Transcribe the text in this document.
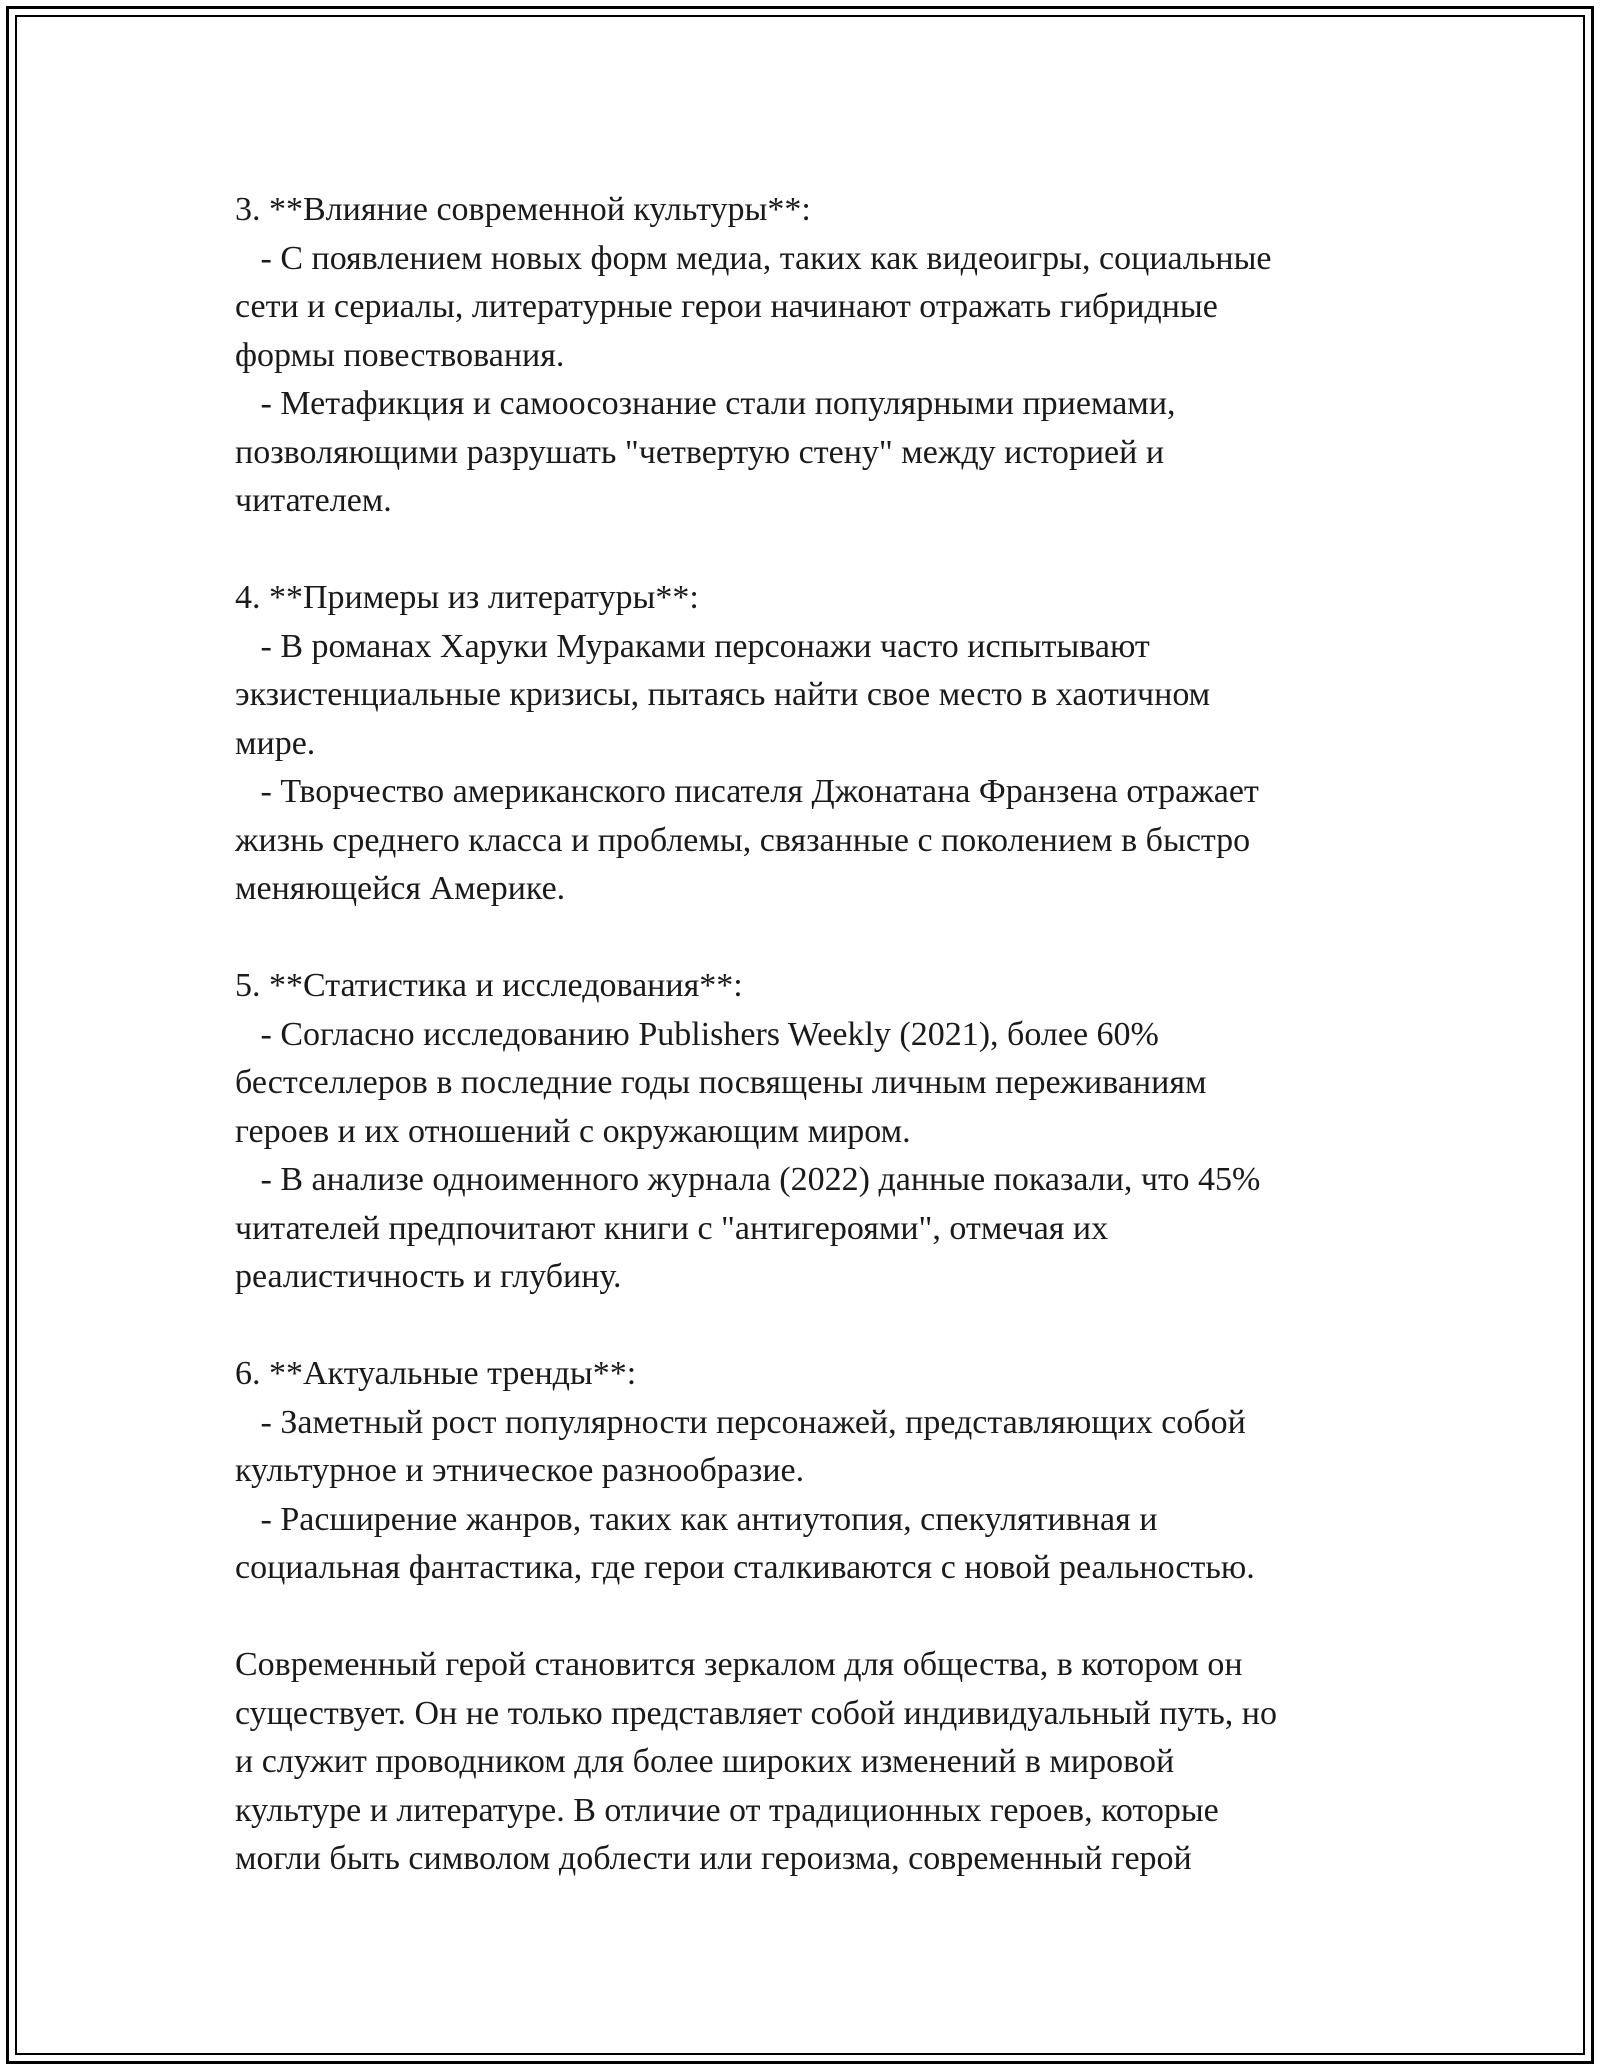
3. **Влияние современной культуры**:
- С появлением новых форм медиа, таких как видеоигры, социальные
сети и сериалы, литературные герои начинают отражать гибридные
формы повествования.
- Метафикция и самоосознание стали популярными приемами,
позволяющими разрушать "четвертую стену" между историей и
читателем.
4. **Примеры из литературы**:
- В романах Харуки Мураками персонажи часто испытывают
экзистенциальные кризисы, пытаясь найти свое место в хаотичном
мире.
- Творчество американского писателя Джонатана Франзена отражает
жизнь среднего класса и проблемы, связанные с поколением в быстро
меняющейся Америке.
5. **Статистика и исследования**:
- Согласно исследованию Publishers Weekly (2021), более 60%
бестселлеров в последние годы посвящены личным переживаниям
героев и их отношений с окружающим миром.
- В анализе одноименного журнала (2022) данные показали, что 45%
читателей предпочитают книги с "антигероями", отмечая их
реалистичность и глубину.
6. **Актуальные тренды**:
- Заметный рост популярности персонажей, представляющих собой
культурное и этническое разнообразие.
- Расширение жанров, таких как антиутопия, спекулятивная и
социальная фантастика, где герои сталкиваются с новой реальностью.
Современный герой становится зеркалом для общества, в котором он
существует. Он не только представляет собой индивидуальный путь, но
и служит проводником для более широких изменений в мировой
культуре и литературе. В отличие от традиционных героев, которые
могли быть символом доблести или героизма, современный герой
